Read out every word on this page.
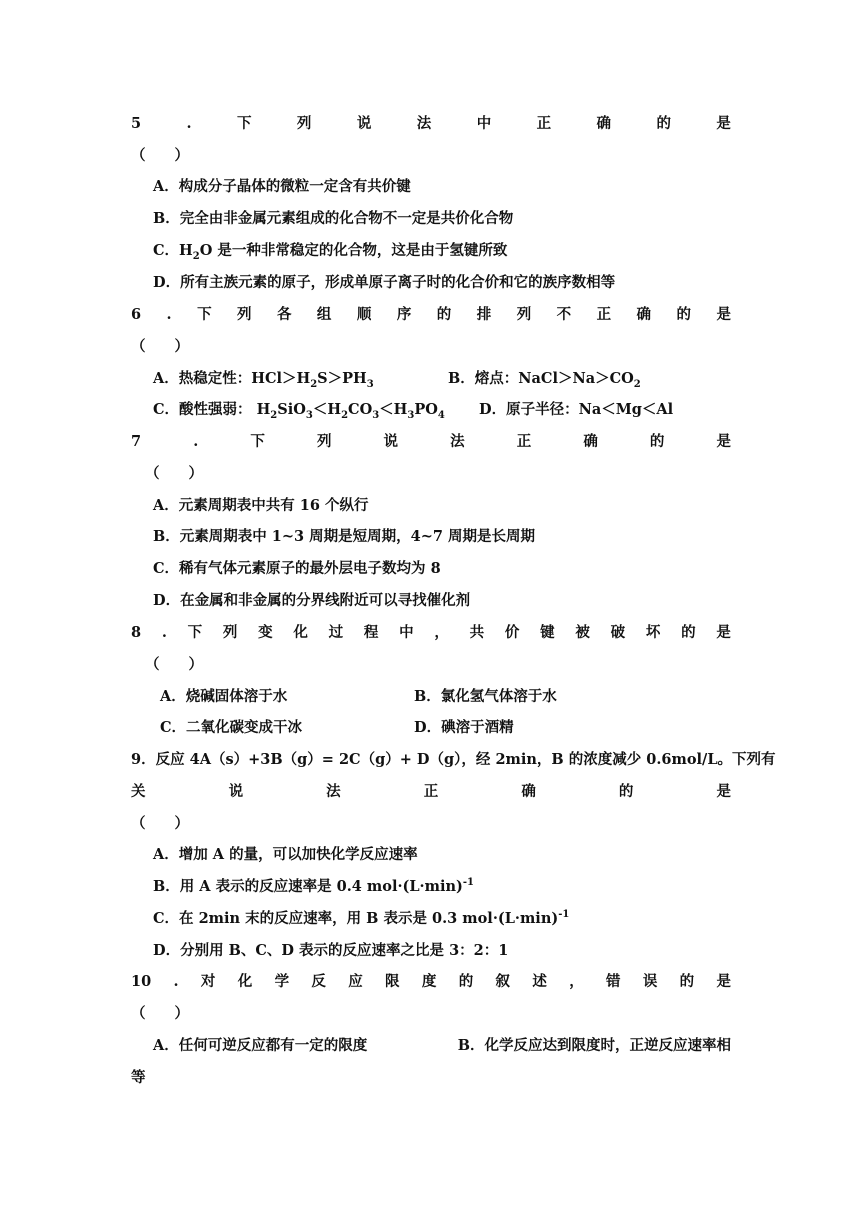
5	.	下	列	说	法	中	正	确	的	是
（　　）
A．构成分子晶体的微粒一定含有共价键
B．完全由非金属元素组成的化合物不一定是共价化合物
C．$H_2O$ 是一种非常稳定的化合物，这是由于氢键所致
D．所有主族元素的原子，形成单原子离子时的化合价和它的族序数相等
6 . 下 列 各 组 顺 序 的 排 列 不 正 确 的 是
（　　）
A．热稳定性：$HCl>H_2S>PH_3$	B．熔点：$NaCl>Na>CO_2$
C．酸性强弱： $H_2SiO_3<H_2CO_3<H_3PO_4$ D．原子半径：Na＜Mg＜Al
7	.	下	列	说	法	正	确	的	是
（　　）
A．元素周期表中共有 16 个纵行
B．元素周期表中 1~3 周期是短周期，4~7 周期是长周期
C．稀有气体元素原子的最外层电子数均为 8
D．在金属和非金属的分界线附近可以寻找催化剂
8 . 下 列 变 化 过 程 中 ， 共 价 键 被 破 坏 的 是
（　　）
A．烧碱固体溶于水	B．氯化氢气体溶于水
C．二氧化碳变成干冰	D．碘溶于酒精
9．反应 4A（s）+3B（g）= 2C（g）+ D（g），经 2min，B 的浓度减少 0.6mol/L。下列有
关	说	法	正	确	的	是
（　　）
A．增加 A 的量，可以加快化学反应速率
B．用 A 表示的反应速率是 0.4 $mol\cdot(L\cdot\min)^{-1}$
C．在 2min 末的反应速率，用 B 表示是 0.3 $mol\cdot(L\cdot\min)^{-1}$
D．分别用 B、C、D 表示的反应速率之比是 3：2：1
10 . 对 化 学 反 应 限 度 的 叙 述 ， 错 误 的 是
（　　）
A．任何可逆反应都有一定的限度	B．化学反应达到限度时，正逆反应速率相
等
